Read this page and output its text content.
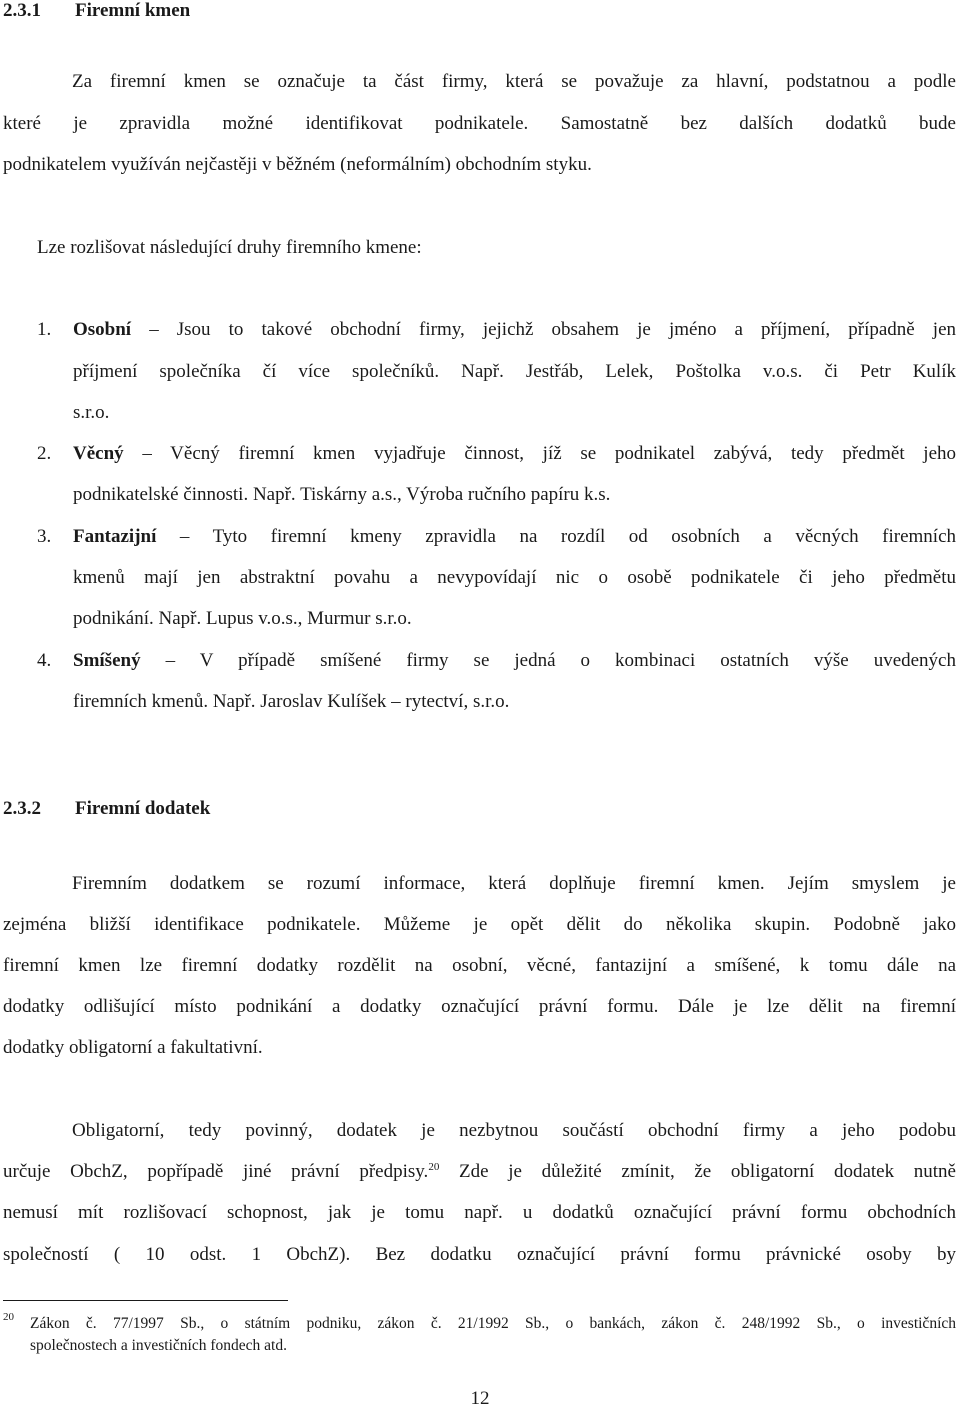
2.3.1 Firemní kmen
Za firemní kmen se označuje ta část firmy, která se považuje za hlavní, podstatnou a podle
které je zpravidla možné identifikovat podnikatele. Samostatně bez dalších dodatků bude
podnikatelem využíván nejčastěji v běžném (neformálním) obchodním styku.
Lze rozlišovat následující druhy firemního kmene:
1. Osobní – Jsou to takové obchodní firmy, jejichž obsahem je jméno a příjmení, případně jen
příjmení společníka čí více společníků. Např. Jestřáb, Lelek, Poštolka v.o.s. či Petr Kulík
s.r.o.
2. Věcný – Věcný firemní kmen vyjadřuje činnost, jíž se podnikatel zabývá, tedy předmět jeho
podnikatelské činnosti. Např. Tiskárny a.s., Výroba ručního papíru k.s.
3. Fantazijní – Tyto firemní kmeny zpravidla na rozdíl od osobních a věcných firemních
kmenů mají jen abstraktní povahu a nevypovídají nic o osobě podnikatele či jeho předmětu
podnikání. Např. Lupus v.o.s., Murmur s.r.o.
4. Smíšený – V případě smíšené firmy se jedná o kombinaci ostatních výše uvedených
firemních kmenů. Např. Jaroslav Kulíšek – rytectví, s.r.o.
2.3.2 Firemní dodatek
Firemním dodatkem se rozumí informace, která doplňuje firemní kmen. Jejím smyslem je
zejména bližší identifikace podnikatele. Můžeme je opět dělit do několika skupin. Podobně jako
firemní kmen lze firemní dodatky rozdělit na osobní, věcné, fantazijní a smíšené, k tomu dále na
dodatky odlišující místo podnikání a dodatky označující právní formu. Dále je lze dělit na firemní
dodatky obligatorní a fakultativní.
Obligatorní, tedy povinný, dodatek je nezbytnou součástí obchodní firmy a jeho podobu
určuje ObchZ, popřípadě jiné právní předpisy.$^{20}$ Zde je důležité zmínit, že obligatorní dodatek nutně
nemusí mít rozlišovací schopnost, jak je tomu např. u dodatků označující právní formu obchodních
společností ( 10 odst. 1 ObchZ). Bez dodatku označující právní formu právnické osoby by
$^{20}$ Zákon č. 77/1997 Sb., o státním podniku, zákon č. 21/1992 Sb., o bankách, zákon č. 248/1992 Sb., o investičních
společnostech a investičních fondech atd.
12
